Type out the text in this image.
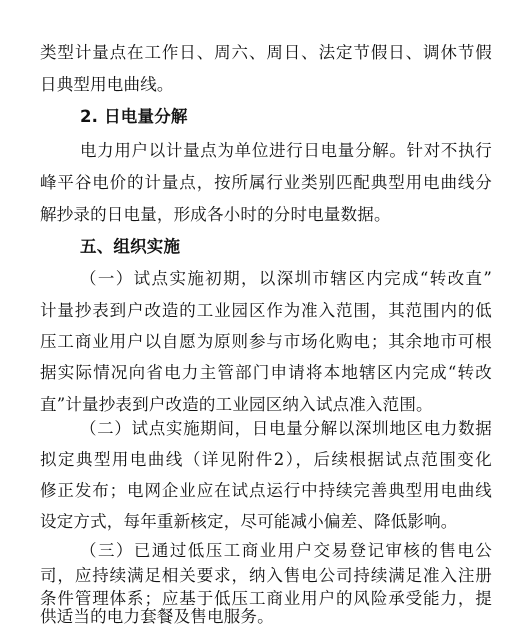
类型计量点在工作日、周六、周日、法定节假日、调休节假
日典型用电曲线。
2. 日电量分解
电力用户以计量点为单位进行日电量分解。针对不执行
峰平谷电价的计量点，按所属行业类别匹配典型用电曲线分
解抄录的日电量，形成各小时的分时电量数据。
五、组织实施
（一）试点实施初期，以深圳市辖区内完成“转改直”
计量抄表到户改造的工业园区作为准入范围，其范围内的低
压工商业用户以自愿为原则参与市场化购电；其余地市可根
据实际情况向省电力主管部门申请将本地辖区内完成“转改
直”计量抄表到户改造的工业园区纳入试点准入范围。
（二）试点实施期间，日电量分解以深圳地区电力数据
拟定典型用电曲线（详见附件2），后续根据试点范围变化
修正发布；电网企业应在试点运行中持续完善典型用电曲线
设定方式，每年重新核定，尽可能减小偏差、降低影响。
（三）已通过低压工商业用户交易登记审核的售电公
司，应持续满足相关要求，纳入售电公司持续满足准入注册
条件管理体系；应基于低压工商业用户的风险承受能力，提
供适当的电力套餐及售电服务。
